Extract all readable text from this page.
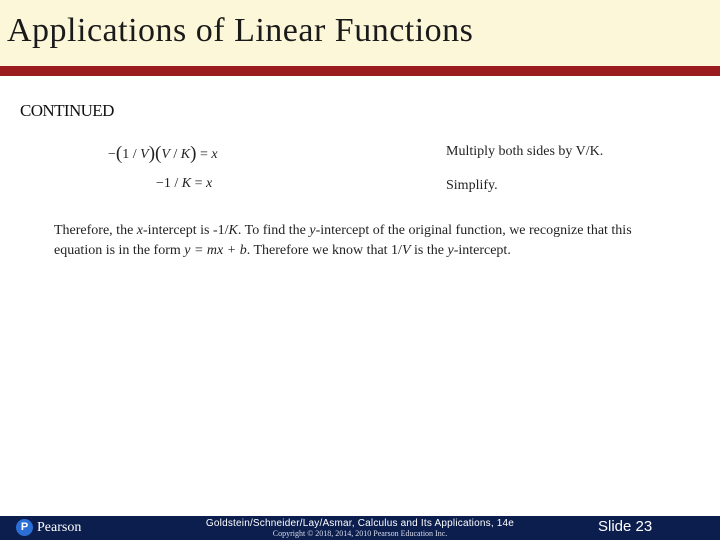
Applications of Linear Functions
CONTINUED
−(1 / V)(V / K) = x	Multiply both sides by V/K.
−1 / K = x	Simplify.
Therefore, the x-intercept is -1/K. To find the y-intercept of the original function, we recognize that this equation is in the form y = mx + b. Therefore we know that 1/V is the y-intercept.
P Pearson	Goldstein/Schneider/Lay/Asmar, Calculus and Its Applications, 14e
Copyright © 2018, 2014, 2010 Pearson Education Inc.	Slide 23
